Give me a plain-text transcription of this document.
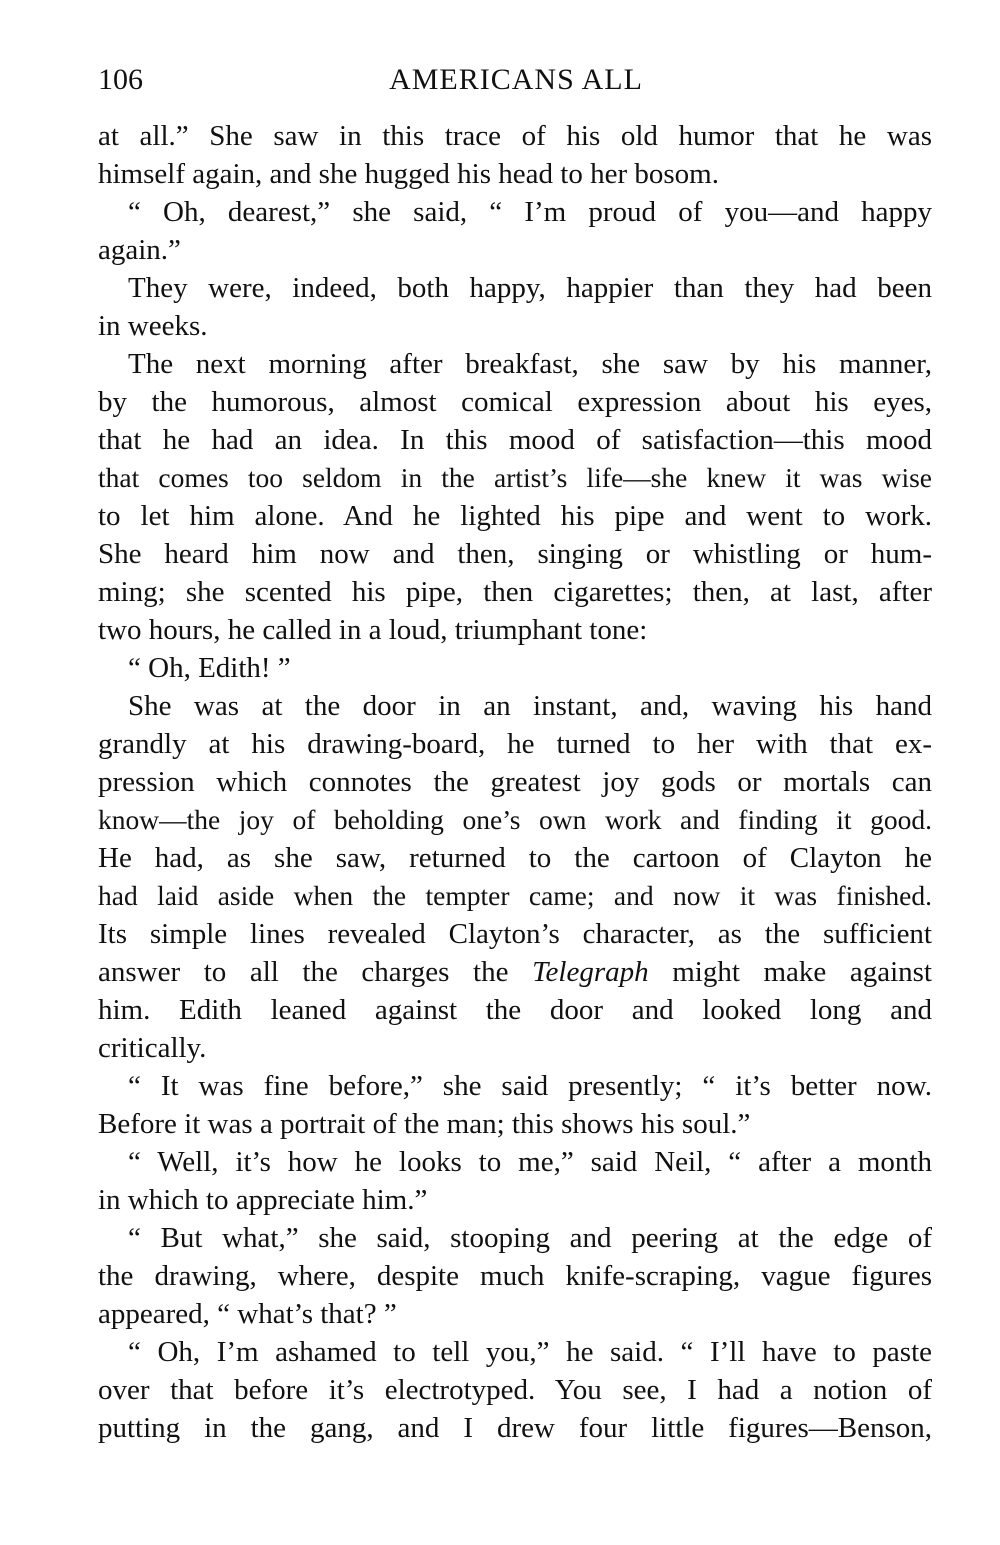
106	AMERICANS ALL
at all.” She saw in this trace of his old humor that he was
himself again, and she hugged his head to her bosom.
“ Oh, dearest,” she said, “ I’m proud of you—and happy
again.”
They were, indeed, both happy, happier than they had been
in weeks.
The next morning after breakfast, she saw by his manner,
by the humorous, almost comical expression about his eyes,
that he had an idea. In this mood of satisfaction—this mood
that comes too seldom in the artist’s life—she knew it was wise
to let him alone. And he lighted his pipe and went to work.
She heard him now and then, singing or whistling or hum-
ming; she scented his pipe, then cigarettes; then, at last, after
two hours, he called in a loud, triumphant tone:
“ Oh, Edith! ”
She was at the door in an instant, and, waving his hand
grandly at his drawing-board, he turned to her with that ex-
pression which connotes the greatest joy gods or mortals can
know—the joy of beholding one’s own work and finding it good.
He had, as she saw, returned to the cartoon of Clayton he
had laid aside when the tempter came; and now it was finished.
Its simple lines revealed Clayton’s character, as the sufficient
answer to all the charges the Telegraph might make against
him. Edith leaned against the door and looked long and
critically.
“ It was fine before,” she said presently; “ it’s better now.
Before it was a portrait of the man; this shows his soul.”
“ Well, it’s how he looks to me,” said Neil, “ after a month
in which to appreciate him.”
“ But what,” she said, stooping and peering at the edge of
the drawing, where, despite much knife-scraping, vague figures
appeared, “ what’s that? ”
“ Oh, I’m ashamed to tell you,” he said. “ I’ll have to paste
over that before it’s electrotyped. You see, I had a notion of
putting in the gang, and I drew four little figures—Benson,
